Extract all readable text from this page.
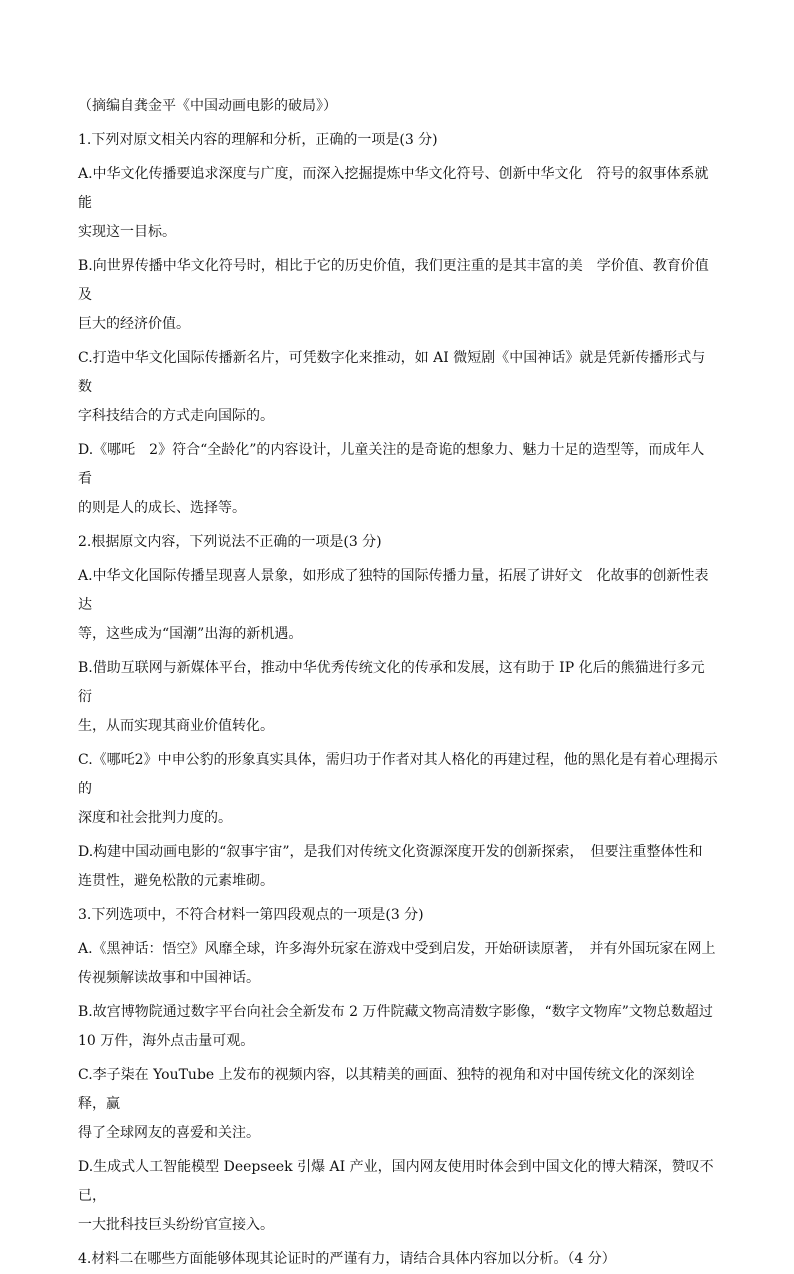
（摘编自龚金平《中国动画电影的破局》）

1.下列对原文相关内容的理解和分析，正确的一项是(3 分)

A.中华文化传播要追求深度与广度，而深入挖掘提炼中华文化符号、创新中华文化　符号的叙事体系就能

实现这一目标。

B.向世界传播中华文化符号时，相比于它的历史价值，我们更注重的是其丰富的美　学价值、教育价值及

巨大的经济价值。

C.打造中华文化国际传播新名片，可凭数字化来推动，如 AI 微短剧《中国神话》就是凭新传播形式与数

字科技结合的方式走向国际的。

D.《哪吒　2》符合“全龄化”的内容设计，儿童关注的是奇诡的想象力、魅力十足的造型等，而成年人看

的则是人的成长、选择等。

2.根据原文内容，下列说法不正确的一项是(3 分)

A.中华文化国际传播呈现喜人景象，如形成了独特的国际传播力量，拓展了讲好文　化故事的创新性表达

等，这些成为“国潮”出海的新机遇。

B.借助互联网与新媒体平台，推动中华优秀传统文化的传承和发展，这有助于 IP 化后的熊猫进行多元衍

生，从而实现其商业价值转化。

C.《哪吒2》中申公豹的形象真实具体，需归功于作者对其人格化的再建过程，他的黑化是有着心理揭示的

深度和社会批判力度的。

D.构建中国动画电影的“叙事宇宙”，是我们对传统文化资源深度开发的创新探索，　但要注重整体性和

连贯性，避免松散的元素堆砌。

3.下列选项中，不符合材料一第四段观点的一项是(3 分)

A.《黑神话：悟空》风靡全球，许多海外玩家在游戏中受到启发，开始研读原著，　并有外国玩家在网上

传视频解读故事和中国神话。

B.故宫博物院通过数字平台向社会全新发布 2 万件院藏文物高清数字影像，“数字文物库”文物总数超过

10 万件，海外点击量可观。

C.李子柒在 YouTube 上发布的视频内容，以其精美的画面、独特的视角和对中国传统文化的深刻诠释，赢

得了全球网友的喜爱和关注。

D.生成式人工智能模型 Deepseek 引爆 AI 产业，国内网友使用时体会到中国文化的博大精深，赞叹不已，

一大批科技巨头纷纷官宣接入。

4.材料二在哪些方面能够体现其论证时的严谨有力，请结合具体内容加以分析。（4 分）
